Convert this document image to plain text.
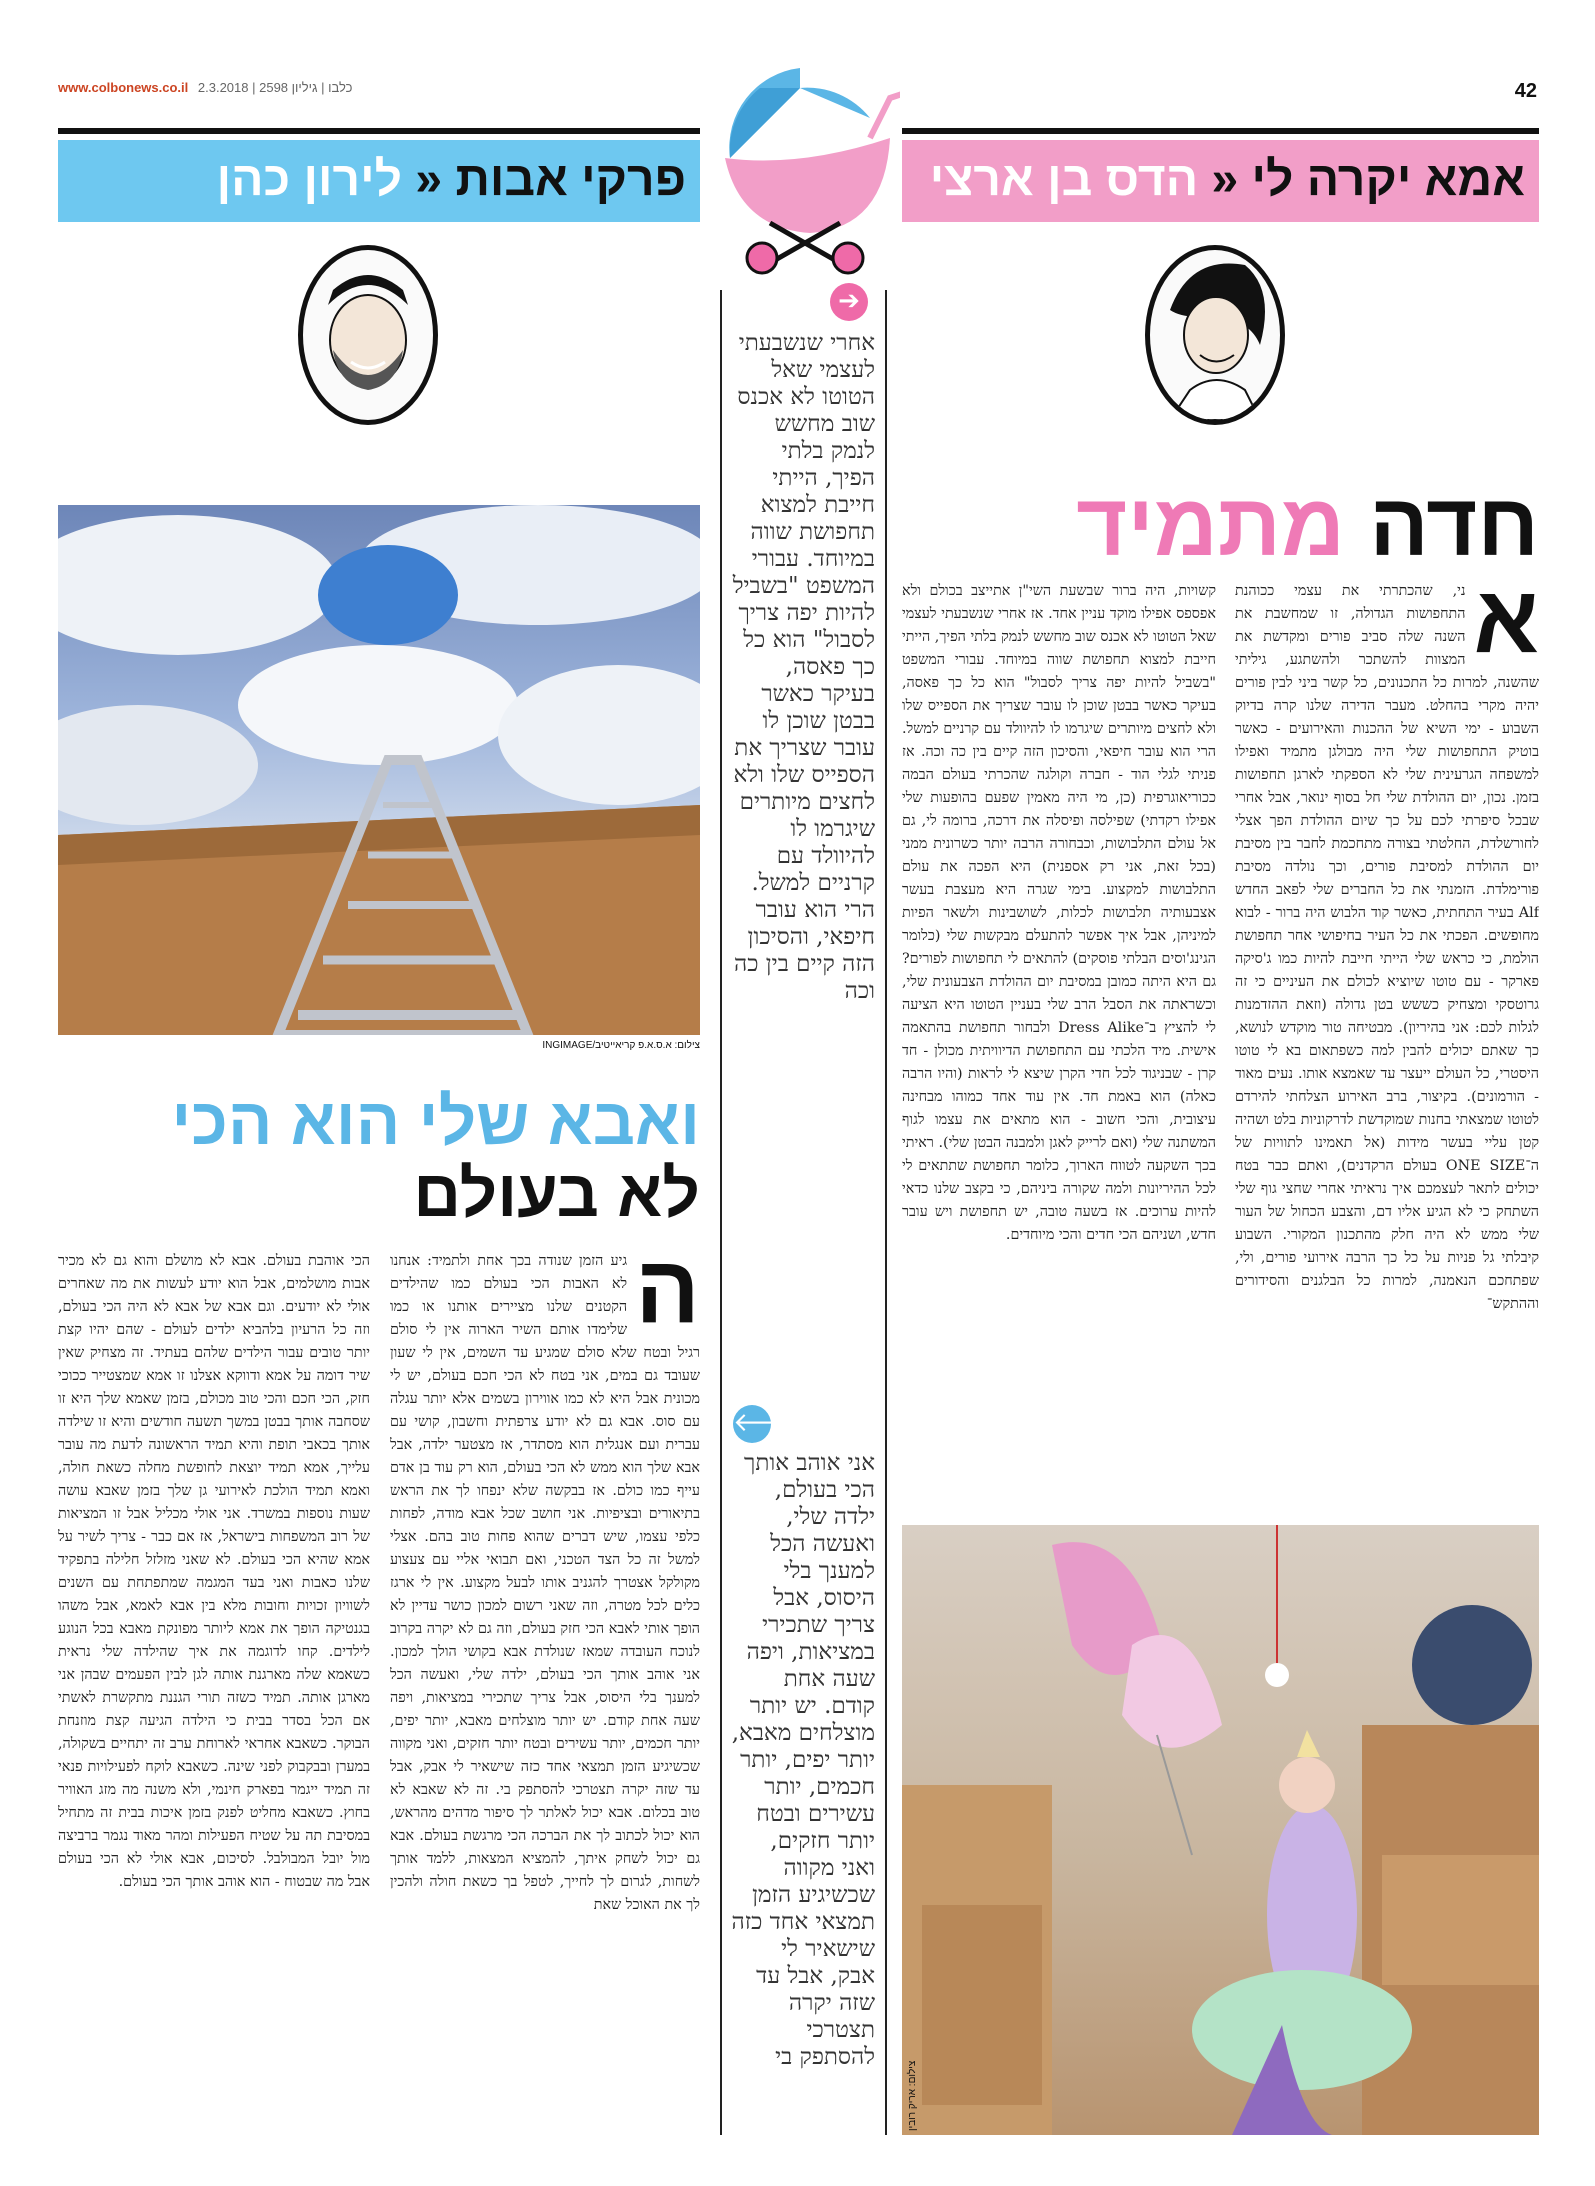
www.colbonews.co.il כלבו | גיליון 2598 | 2.3.2018	42
אמא יקרה לי « הדס בן ארצי
פרקי אבות « לירון כהן
חדה מתמיד
א

ני, שהכתרתי את עצמי ככוהנת התחפושות הגדולה, זו שמחשבת את השנה שלה סביב פורים ומקדשת את המצוות להשתכר ולהשתגע, גיליתי שהשנה, למרות כל התכנונים, כל קשר ביני לבין פורים יהיה מקרי בהחלט. מעבר הדירה שלנו קרה בדיוק השבוע - ימי השיא של ההכנות והאירועים - כאשר בוטיק התחפושות שלי היה מבולגן מתמיד ואפילו למשפחה הגרעינית שלי לא הספקתי לארגן תחפושות בזמן. נכון, יום ההולדת שלי חל בסוף ינואר, אבל אחרי שבכל סיפרתי לכם על כך שיום ההולדת הפך אצלי לחורשלדת, החלטתי בצורה מתחכמת לחבר בין מסיבת יום ההולדת למסיבת פורים, וכך נולדה מסיבת פורימלדת. הזמנתי את כל החברים שלי לפאב החדש Alf בעיר התחתית, כאשר קוד הלבוש היה ברור - לבוא מחופשים. הפכתי את כל העיר בחיפושי אחר תחפושת הולמת, כי כראש שלי הייתי חייבת להיות כמו ג'סיקה פארקר - עם טוטו שיוציא לכולם את העיניים כי זה גרוטסקי ומצחיק כששש בטן גדולה (וזאת ההזדמנות לגלות לכם: אני בהיריון). מבטיחה טור מוקדש לנושא, כך שאתם יכולים להבין למה כשפתאום בא לי טוטו היסטרי, כל העולם ייעצר עד שאמצא אותו. נעים מאוד - הורמונים). בקיצור, ברב האירוע הצלחתי להירדם לטוטו שמצאתי בחנות שמוקדשת לדרקוניות בלט ושהיה קטן עליי בעשר מידות (אל תאמינו לתוויות של ה־ONE SIZE בעולם הרקדנים), ואתם כבר בטח יכולים לתאר לעצמכם איך נראיתי אחרי שחצי גוף שלי השתחק כי לא הגיע אליו דם, והצבע הכחול של העור שלי ממש לא היה חלק מהתכנון המקורי. השבוע קיבלתי גל פניות על כל כך הרבה אירועי פורים, ולי, שפתחכם הנאמנה, למרות כל הבלגנים והסידורים וההתקש־

קשויות, היה ברור שבשעת השי"ן אתייצב בכולם ולא אפספס אפילו מוקד עניין אחד. אז אחרי שנשבעתי לעצמי שאל הטוטו לא אכנס שוב מחשש לנמק בלתי הפיך, הייתי חייבת למצוא תחפושת שווה במיוחד. עבורי המשפט "בשביל להיות יפה צריך לסבול" הוא כל כך פאסה, בעיקר כאשר בבטן שוכן לו עובר שצריך את הספייס שלו ולא לחצים מיותרים שיגרמו לו להיוולד עם קרניים למשל. הרי הוא עובר חיפאי, והסיכון הזה קיים בין כה וכה. אז פניתי לגלי הוד - חברה וקולגה שהכרתי בעולם הבמה ככוריאוגרפית (כן, מי היה מאמין שפעם בהופעות שלי אפילו רקדתי) שפילסה ופיסלה את דרכה, ברומה לי, גם אל עולם התלבושות, וכבחורה הרבה יותר כשרונית ממני (בכל זאת, אני רק אספנית) היא הפכה את עולם התלבושות למקצוע. בימי שגרה היא מעצבת בעשר אצבעותיה תלבושות לכלות, לשושבינות ולשאר הפיות למיניהן, אבל איך אפשר להתעלם מבקשות שלי (כלומר הגינג'וסים הבלתי פוסקים) להתאים לי תחפושות לפורים? גם היא היתה כמובן במסיבת יום ההולדת הצבעונית שלי, וכשראתה את הסבל הרב שלי בעניין הטוטו היא הציעה לי להציץ ב־Dress Alike ולבחור תחפושת בהתאמה אישית. מיד הלכתי עם התחפושת הדיוויתית מכולן - חד קרן - שבניגוד לכל חדי הקרן שיצא לי לראות (והיו הרבה כאלה) הוא באמת חד. אין עוד אחד כמוהו מבחינה עיצובית, והכי חשוב - הוא מתאים את עצמו לגוף המשתנה שלי (ואם לרייק לאגן ולמבנה הבטן שלי). ראיתי בכך השקעה לטווח הארוך, כלומר תחפושת שתתאים לי לכל ההיריונות ולמה שקורה ביניהם, כי בקצב שלנו כדאי להיות ערוכים. אז בשעה טובה, יש תחפושת ויש עובר חדש, ושניהם הכי חדים והכי מיוחדים.

צילום: אריק רובין
➔
אחרי שנשבעתי לעצמי שאל הטוטו לא אכנס שוב מחשש לנמק בלתי הפיך, הייתי חייבת למצוא תחפושת שווה במיוחד. עבורי המשפט "בשביל להיות יפה צריך לסבול" הוא כל כך פאסה, בעיקר כאשר בבטן שוכן לו עובר שצריך את הספייס שלו ולא לחצים מיותרים שיגרמו לו להיוולד עם קרניים למשל. הרי הוא עובר חיפאי, והסיכון הזה קיים בין כה וכה
🡐
אני אוהב אותך הכי בעולם, ילדה שלי, ואעשה הכל למענך בלי היסוס, אבל צריך שתכירי במציאות, ויפה שעה אחת קודם. יש יותר מוצלחים מאבא, יותר יפים, יותר חכמים, יותר עשירים ובטח יותר חזקים, ואני מקווה שכשיגיע הזמן תמצאי אחד כזה שישאיר לי אבק, אבל עד שזה יקרה תצטרכי להסתפק בי
צילום: א.ס.א.פ קריאייטיב/INGIMAGE
ואבא שלי הוא הכי
לא בעולם
ה

גיע הזמן שנודה בכך אחת ולתמיד: אנחנו לא האבות הכי בעולם כמו שהילדים הקטנים שלנו מציירים אותנו או כמו שלימדו אותם השיר הארוה אין לי סולם רגיל ובטח שלא סולם שמגיע עד השמים, אין לי שעון שעובד גם במים, אני בטח לא הכי חכם בעולם, יש לי מכונית אבל היא לא כמו אווירון בשמים אלא יותר עגלה עם סוס. אבא גם לא יודע צרפתית וחשבון, קושי עם עברית ועם אנגלית הוא מסתדר, אז מצטער ילדה, אבל אבא שלך הוא ממש לא הכי בעולם, הוא רק עוד בן אדם עייף כמו כולם. אז בבקשה שלא ינפחו לך את הראש בתיאורים ובציפיות. אני חושב שכל אבא מודה, לפחות כלפי עצמו, שיש דברים שהוא פחות טוב בהם. אצלי למשל זה כל הצד הטכני, ואם תבואי אליי עם צעצוע מקולקל אצטרך להגניב אותו לבעל מקצוע. אין לי ארגז כלים לכל מטרה, וזה שאני רשום למכון כושר עדיין לא הופך אותי לאבא הכי חזק בעולם, וזה גם לא יקרה בקרוב לנוכח העובדה שמאז שנולדת אבא בקושי הולך למכון. אני אוהב אותך הכי בעולם, ילדה שלי, ואעשה הכל למענך בלי היסוס, אבל צריך שתכירי במציאות, ויפה שעה אחת קודם. יש יותר מוצלחים מאבא, יותר יפים, יותר חכמים, יותר עשירים ובטח יותר חזקים, ואני מקווה שכשיגיע הזמן תמצאי אחד כזה שישאיר לי אבק, אבל עד שזה יקרה תצטרכי להסתפק בי. זה לא שאבא לא טוב בכלום. אבא יכול לאלתר לך סיפור מדהים מהראש, הוא יכול לכתוב לך את הברכה הכי מרגשת בעולם. אבא גם יכול לשחק איתך, להמציא המצאות, ללמד אותך לשחות, לגרום לך לחייך, לטפל בך כשאת חולה ולהכין לך את האוכל שאת

הכי אוהבת בעולם. אבא לא מושלם והוא גם לא מכיר אבות מושלמים, אבל הוא יודע לעשות את מה שאחרים אולי לא יודעים. וגם אבא של אבא לא היה הכי בעולם, וזה כל הרעיון בלהביא ילדים לעולם - שהם יהיו קצת יותר טובים עבור הילדים שלהם בעתיד. זה מצחיק שאין שיר דומה על אמא ודווקא אצלנו זו אמא שמצטייר ככוכי חזק, הכי חכם והכי טוב מכולם, בזמן שאמא שלך היא זו שסחבה אותך בבטן במשך תשעה חודשים והיא זו שילדה אותך בכאבי תופת והיא תמיד הראשונה לדעת מה עובר עלייך, אמא תמיד יוצאת לחופשת מחלה כשאת חולה, ואמא תמיד הולכת לאירועי גן שלך בזמן שאבא עושה שעות נוספות במשרד. אני אולי מכליל אבל זו המציאות של רוב המשפחות בישראל, אז אם כבר - צריך לשיר על אמא שהיא הכי בעולם. לא שאני מזלזל חלילה בתפקיד שלנו כאבות ואני בעד המגמה שמתפתחת עם השנים לשוויון זכויות וחובות מלא בין אבא לאמא, אבל משהו בגנטיקה הופך את אמא ליותר מפונקת מאבא בכל הנוגע לילדים. קחו לדוגמה את איך שהילדה שלי נראית כשאמא שלה מארגנת אותה לגן לבין הפעמים שבהן אני מארגן אותה. תמיד כשזה תורי הגננת מתקשרת לאשתי אם הכל בסדר בבית כי הילדה הגיעה קצת מוזנחת הבוקר. כשאבא אחראי לארוחת ערב זה יתחיים בשקולה, במערן ובבקבוק לפני שינה. כשאבא לוקח לפעילויות פנאי זה תמיד ייגמר בפארק חינמי, ולא משנה מה מזג האוויר בחוץ. כשאבא מחליט לפנק בזמן איכות בבית זה מתחיל במסיבת תה על שטיח הפעילות ומהר מאוד נגמר ברביצה מול יובל המבולבל. לסיכום, אבא אולי לא הכי בעולם אבל מה שבטוח - הוא אוהב אותך הכי בעולם.
